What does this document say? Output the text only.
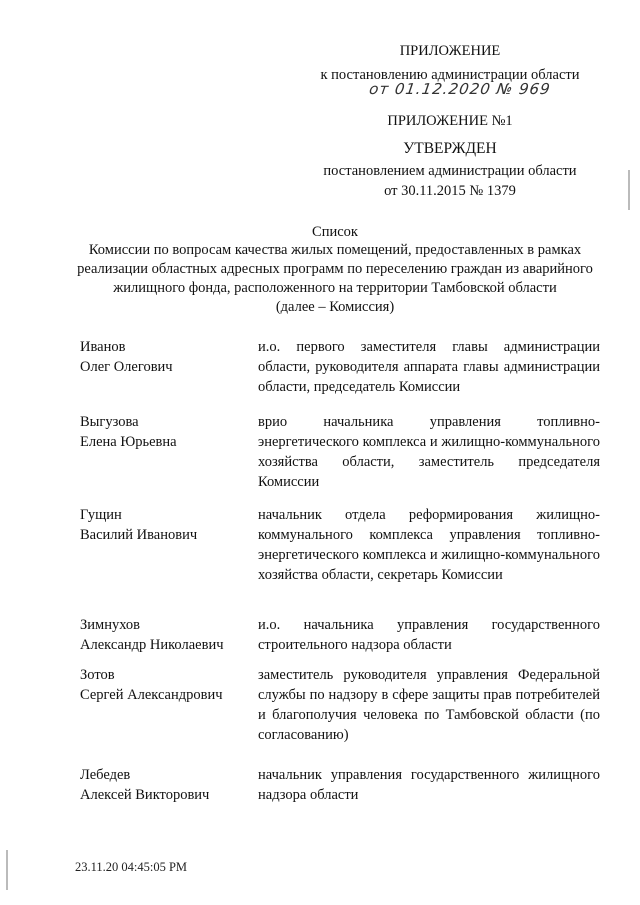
ПРИЛОЖЕНИЕ
к постановлению администрации области
от 01.12.2020 № 969
ПРИЛОЖЕНИЕ №1
УТВЕРЖДЕН
постановлением администрации области
от 30.11.2015 № 1379
Список
Комиссии по вопросам качества жилых помещений, предоставленных в рамках
реализации областных адресных программ по переселению граждан из аварийного
жилищного фонда, расположенного на территории Тамбовской области
(далее – Комиссия)
Иванов
Олег Олегович
и.о. первого заместителя главы администрации области, руководителя аппарата главы администрации области, председатель Комиссии
Выгузова
Елена Юрьевна
врио начальника управления топливно-энергетического комплекса и жилищно-коммунального хозяйства области, заместитель председателя Комиссии
Гущин
Василий Иванович
начальник отдела реформирования жилищно-коммунального комплекса управления топливно-энергетического комплекса и жилищно-коммунального хозяйства области, секретарь Комиссии
Зимнухов
Александр Николаевич
и.о. начальника управления государственного строительного надзора области
Зотов
Сергей Александрович
заместитель руководителя управления Федеральной службы по надзору в сфере защиты прав потребителей и благополучия человека по Тамбовской области (по согласованию)
Лебедев
Алексей Викторович
начальник управления государственного жилищного надзора области
23.11.20 04:45:05 PM
